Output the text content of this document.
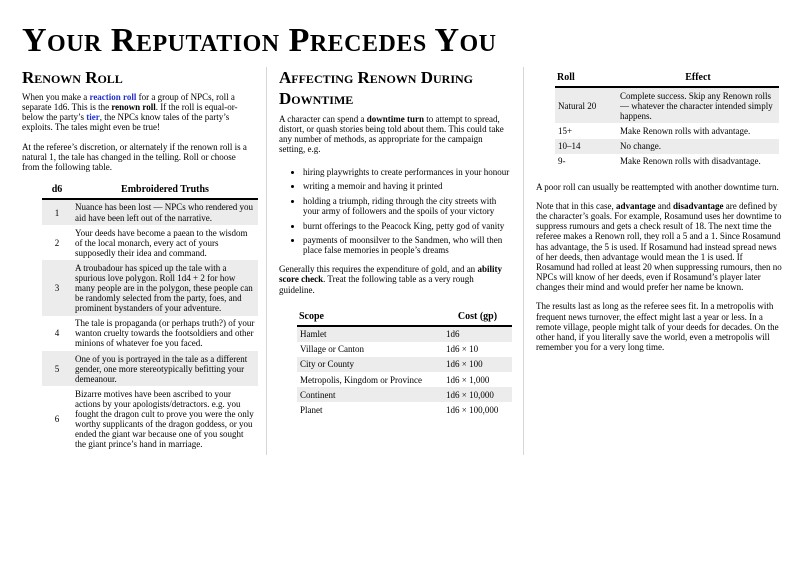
Your Reputation Precedes You
Renown Roll

When you make a reaction roll for a group of NPCs, roll a separate 1d6. This is the renown roll. If the roll is equal-or-below the party’s tier, the NPCs know tales of the party’s exploits. The tales might even be true!

At the referee’s discretion, or alternately if the renown roll is a natural 1, the tale has changed in the telling. Roll or choose from the following table.

d6	Embroidered Truths
1	Nuance has been lost — NPCs who rendered you aid have been left out of the narrative.
2	Your deeds have become a paean to the wisdom of the local monarch, every act of yours supposedly their idea and command.
3	A troubadour has spiced up the tale with a spurious love polygon. Roll 1d4 + 2 for how many people are in the polygon, these people can be randomly selected from the party, foes, and prominent bystanders of your adventure.
4	The tale is propaganda (or perhaps truth?) of your wanton cruelty towards the footsoldiers and other minions of whatever foe you faced.
5	One of you is portrayed in the tale as a different gender, one more stereotypically befitting your demeanour.
6	Bizarre motives have been ascribed to your actions by your apologists/detractors. e.g. you fought the dragon cult to prove you were the only worthy supplicants of the dragon goddess, or you ended the giant war because one of you sought the giant prince’s hand in marriage.
Affecting Renown During Downtime

A character can spend a downtime turn to attempt to spread, distort, or quash stories being told about them. This could take any number of methods, as appropriate for the campaign setting, e.g.

• hiring playwrights to create performances in your honour
• writing a memoir and having it printed
• holding a triumph, riding through the city streets with your army of followers and the spoils of your victory
• burnt offerings to the Peacock King, petty god of vanity
• payments of moonsilver to the Sandmen, who will then place false memories in people’s dreams

Generally this requires the expenditure of gold, and an ability score check. Treat the following table as a very rough guideline.

Scope	Cost (gp)
Hamlet	1d6
Village or Canton	1d6 × 10
City or County	1d6 × 100
Metropolis, Kingdom or Province	1d6 × 1,000
Continent	1d6 × 10,000
Planet	1d6 × 100,000
Roll	Effect
Natural 20	Complete success. Skip any Renown rolls — whatever the character intended simply happens.
15+	Make Renown rolls with advantage.
10–14	No change.
9-	Make Renown rolls with disadvantage.

A poor roll can usually be reattempted with another downtime turn.

Note that in this case, advantage and disadvantage are defined by the character’s goals. For example, Rosamund uses her downtime to suppress rumours and gets a check result of 18. The next time the referee makes a Renown roll, they roll a 5 and a 1. Since Rosamund has advantage, the 5 is used. If Rosamund had instead spread news of her deeds, then advantage would mean the 1 is used. If Rosamund had rolled at least 20 when suppressing rumours, then no NPCs will know of her deeds, even if Rosamund’s player later changes their mind and would prefer her name be known.

The results last as long as the referee sees fit. In a metropolis with frequent news turnover, the effect might last a year or less. In a remote village, people might talk of your deeds for decades. On the other hand, if you literally save the world, even a metropolis will remember you for a very long time.
